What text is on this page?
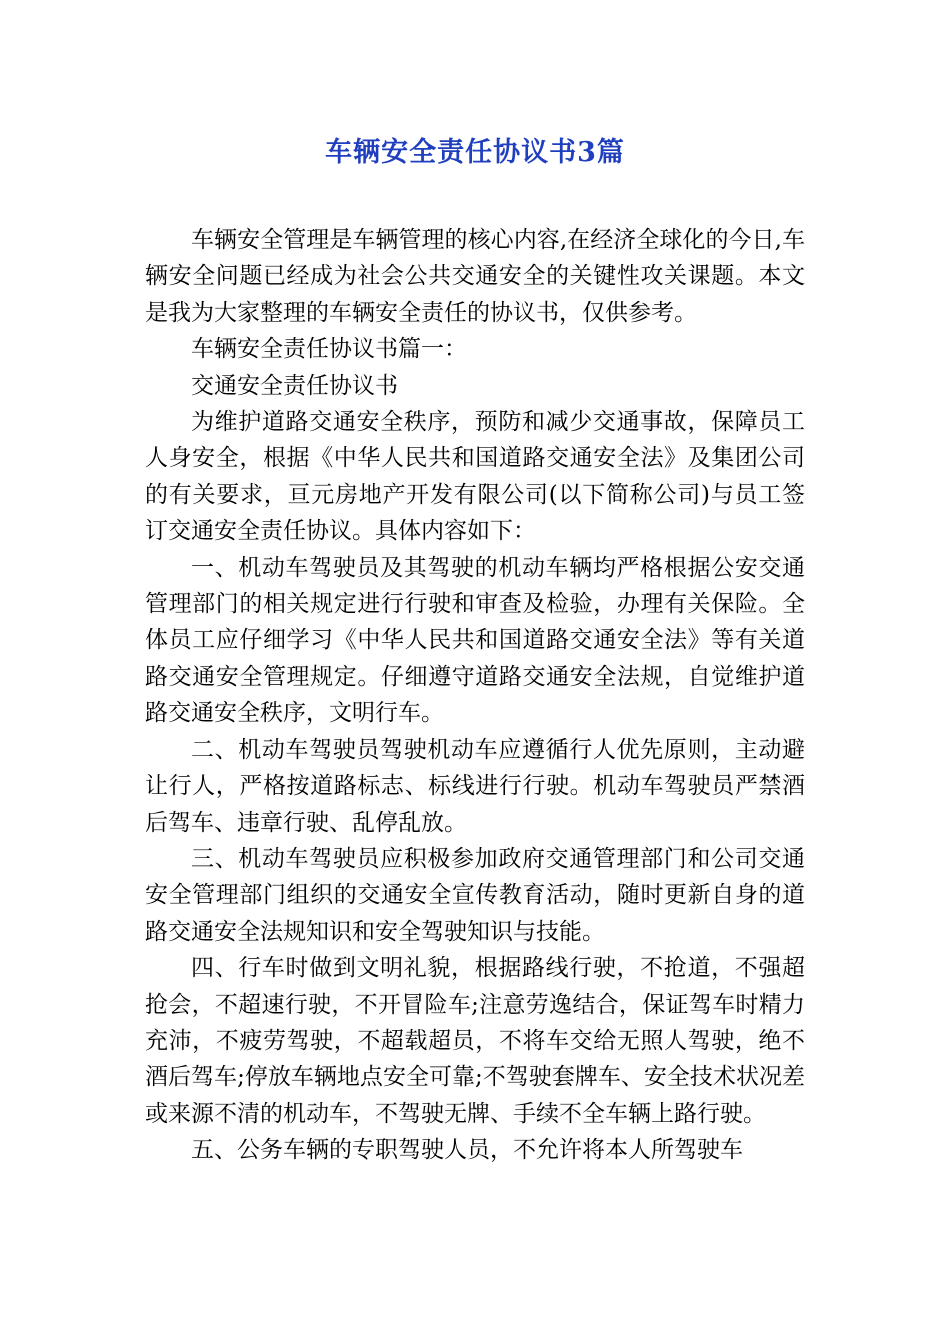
车辆安全责任协议书3篇

车辆安全管理是车辆管理的核心内容,在经济全球化的今日,车辆安全问题已经成为社会公共交通安全的关键性攻关课题。本文是我为大家整理的车辆安全责任的协议书，仅供参考。

车辆安全责任协议书篇一：

交通安全责任协议书

为维护道路交通安全秩序，预防和减少交通事故，保障员工人身安全，根据《中华人民共和国道路交通安全法》及集团公司的有关要求，亘元房地产开发有限公司(以下简称公司)与员工签订交通安全责任协议。具体内容如下：

一、机动车驾驶员及其驾驶的机动车辆均严格根据公安交通管理部门的相关规定进行行驶和审查及检验，办理有关保险。全体员工应仔细学习《中华人民共和国道路交通安全法》等有关道路交通安全管理规定。仔细遵守道路交通安全法规，自觉维护道路交通安全秩序，文明行车。

二、机动车驾驶员驾驶机动车应遵循行人优先原则，主动避让行人，严格按道路标志、标线进行行驶。机动车驾驶员严禁酒后驾车、违章行驶、乱停乱放。

三、机动车驾驶员应积极参加政府交通管理部门和公司交通安全管理部门组织的交通安全宣传教育活动，随时更新自身的道路交通安全法规知识和安全驾驶知识与技能。

四、行车时做到文明礼貌，根据路线行驶，不抢道，不强超抢会，不超速行驶，不开冒险车;注意劳逸结合，保证驾车时精力充沛，不疲劳驾驶，不超载超员，不将车交给无照人驾驶，绝不酒后驾车;停放车辆地点安全可靠;不驾驶套牌车、安全技术状况差或来源不清的机动车，不驾驶无牌、手续不全车辆上路行驶。

五、公务车辆的专职驾驶人员，不允许将本人所驾驶车
